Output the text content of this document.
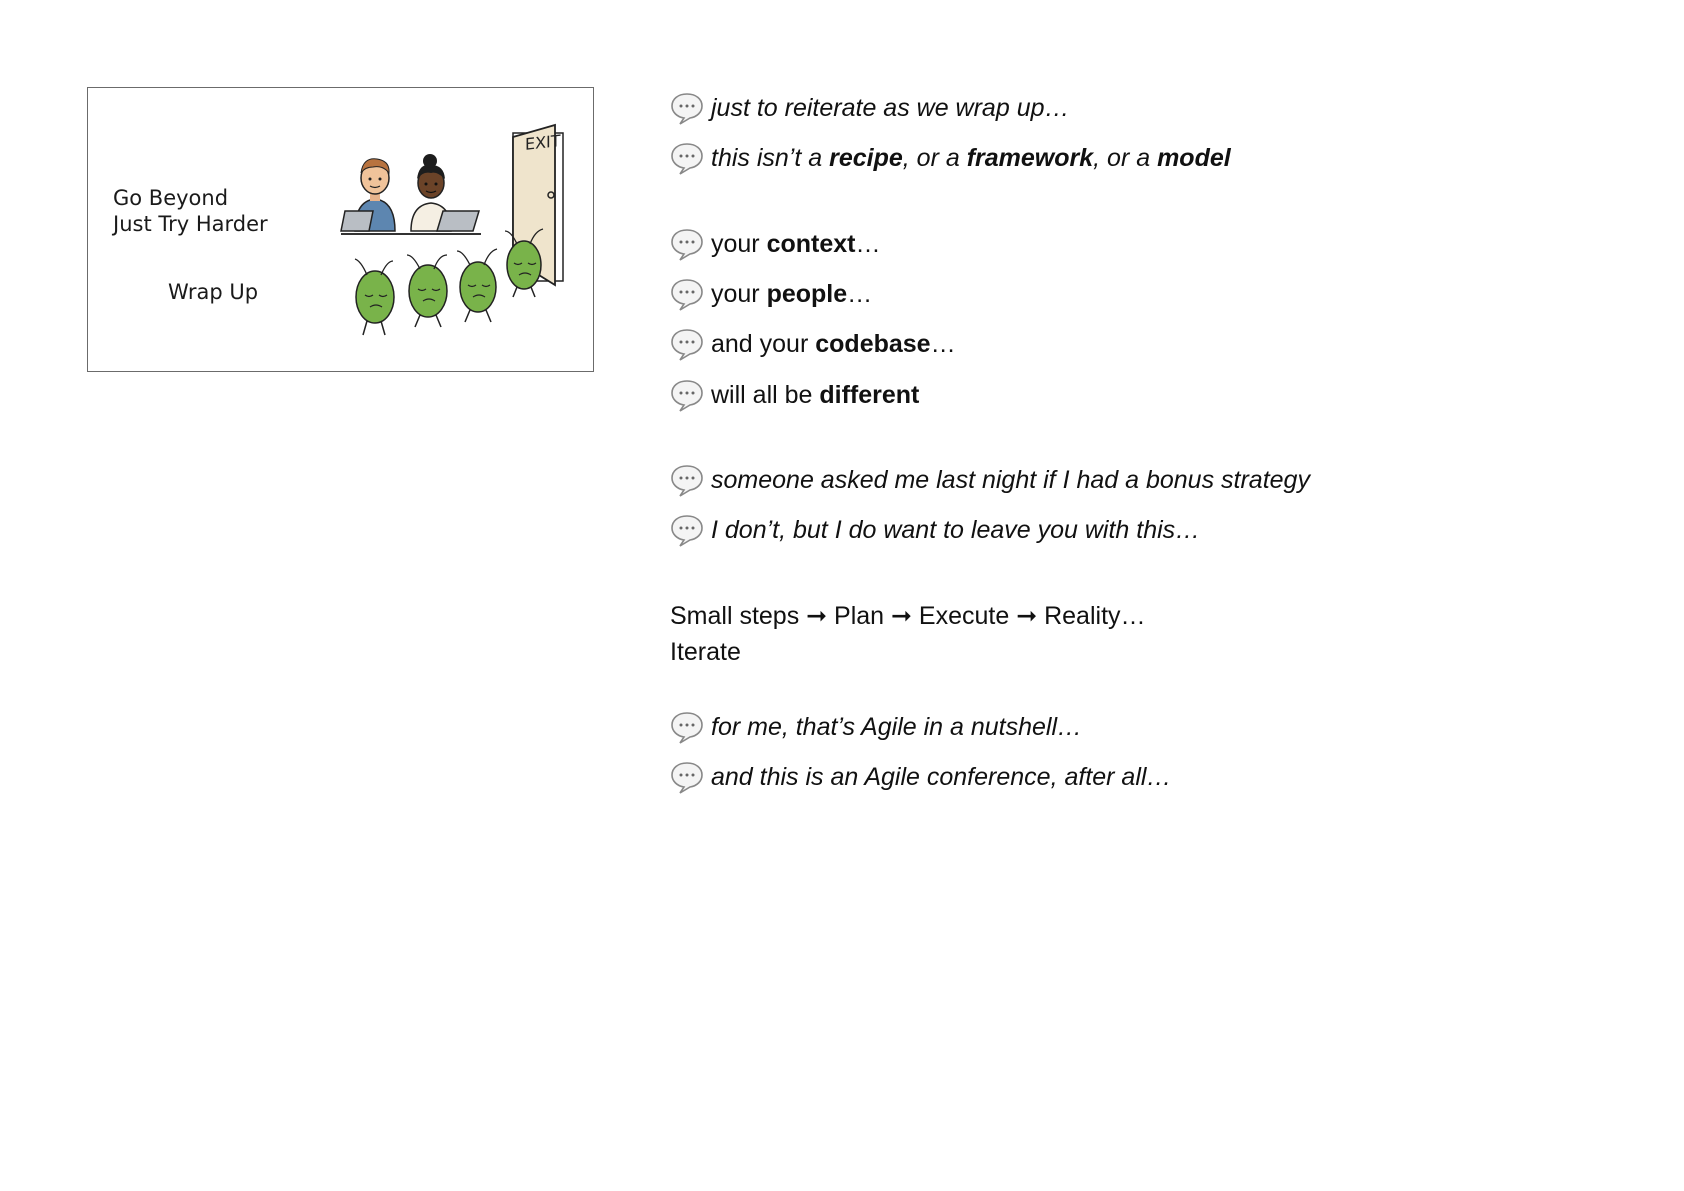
Go Beyond
Just Try Harder
Wrap Up
EXIT
just to reiterate as we wrap up…
this isn’t a recipe, or a framework, or a model
your context…
your people…
and your codebase…
will all be different
someone asked me last night if I had a bonus strategy
I don’t, but I do want to leave you with this…
for me, that’s Agile in a nutshell…
and this is an Agile conference, after all…
Small steps ➞ Plan ➞ Execute ➞ Reality…
Iterate
